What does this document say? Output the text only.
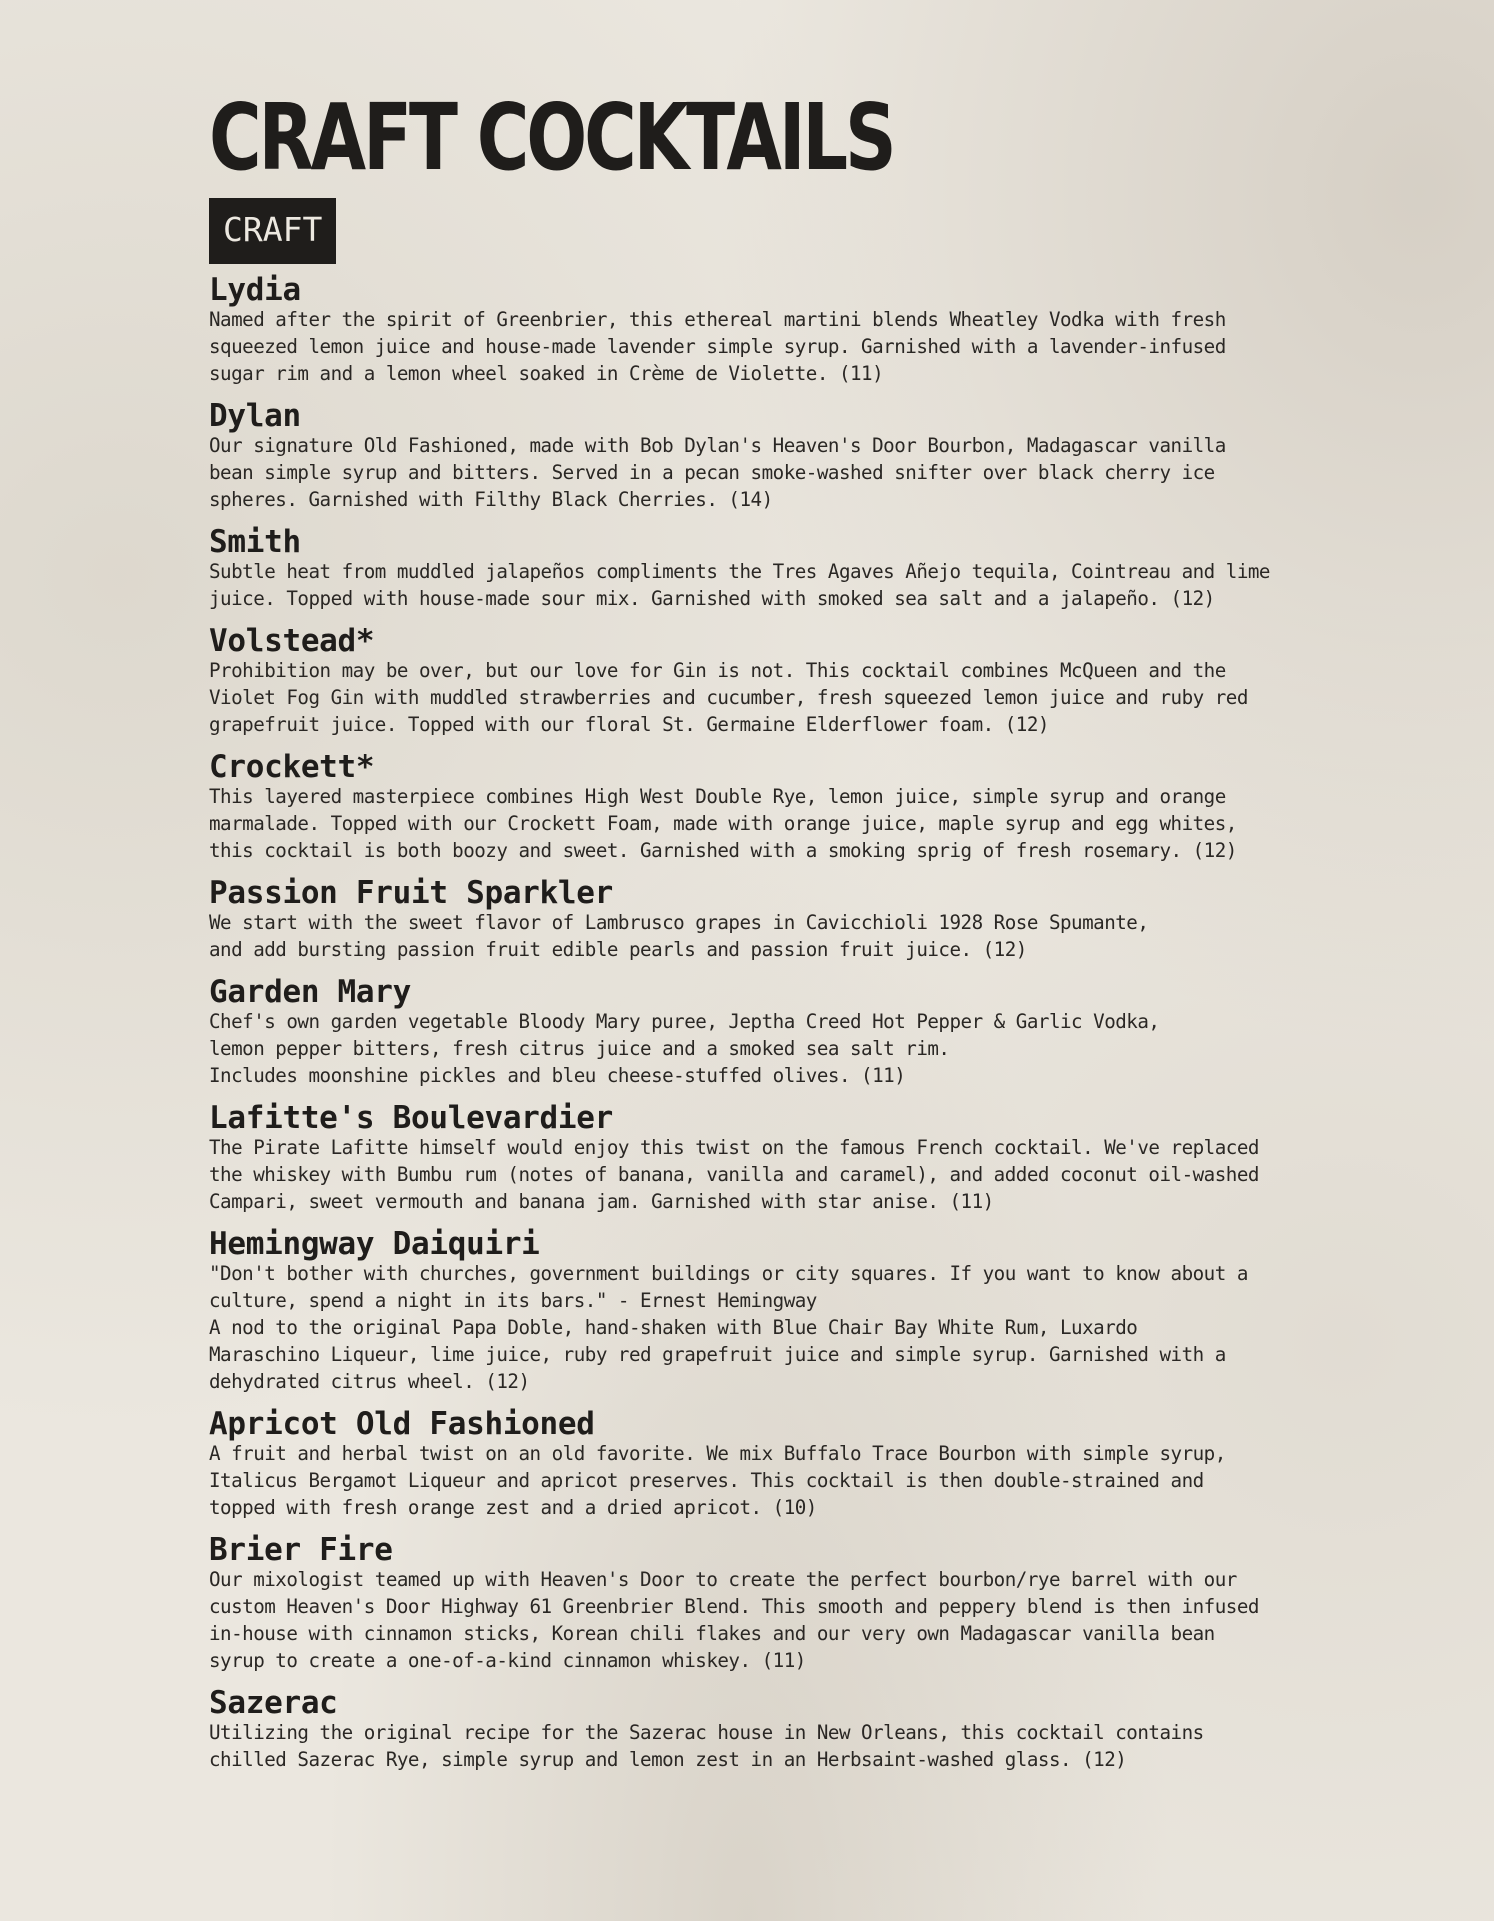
CRAFT COCKTAILS
CRAFT
Lydia

Named after the spirit of Greenbrier, this ethereal martini blends Wheatley Vodka with fresh
squeezed lemon juice and house-made lavender simple syrup. Garnished with a lavender-infused
sugar rim and a lemon wheel soaked in Crème de Violette. (11)

Dylan

Our signature Old Fashioned, made with Bob Dylan's Heaven's Door Bourbon, Madagascar vanilla
bean simple syrup and bitters. Served in a pecan smoke-washed snifter over black cherry ice
spheres. Garnished with Filthy Black Cherries. (14)

Smith

Subtle heat from muddled jalapeños compliments the Tres Agaves Añejo tequila, Cointreau and lime
juice. Topped with house-made sour mix. Garnished with smoked sea salt and a jalapeño. (12)

Volstead*

Prohibition may be over, but our love for Gin is not. This cocktail combines McQueen and the
Violet Fog Gin with muddled strawberries and cucumber, fresh squeezed lemon juice and ruby red
grapefruit juice. Topped with our floral St. Germaine Elderflower foam. (12)

Crockett*

This layered masterpiece combines High West Double Rye, lemon juice, simple syrup and orange
marmalade. Topped with our Crockett Foam, made with orange juice, maple syrup and egg whites,
this cocktail is both boozy and sweet. Garnished with a smoking sprig of fresh rosemary. (12)

Passion Fruit Sparkler

We start with the sweet flavor of Lambrusco grapes in Cavicchioli 1928 Rose Spumante,
and add bursting passion fruit edible pearls and passion fruit juice. (12)

Garden Mary

Chef's own garden vegetable Bloody Mary puree, Jeptha Creed Hot Pepper & Garlic Vodka,
lemon pepper bitters, fresh citrus juice and a smoked sea salt rim.
Includes moonshine pickles and bleu cheese-stuffed olives. (11)

Lafitte's Boulevardier

The Pirate Lafitte himself would enjoy this twist on the famous French cocktail. We've replaced
the whiskey with Bumbu rum (notes of banana, vanilla and caramel), and added coconut oil-washed
Campari, sweet vermouth and banana jam. Garnished with star anise. (11)

Hemingway Daiquiri

"Don't bother with churches, government buildings or city squares. If you want to know about a
culture, spend a night in its bars." - Ernest Hemingway
A nod to the original Papa Doble, hand-shaken with Blue Chair Bay White Rum, Luxardo
Maraschino Liqueur, lime juice, ruby red grapefruit juice and simple syrup. Garnished with a
dehydrated citrus wheel. (12)

Apricot Old Fashioned

A fruit and herbal twist on an old favorite. We mix Buffalo Trace Bourbon with simple syrup,
Italicus Bergamot Liqueur and apricot preserves. This cocktail is then double-strained and
topped with fresh orange zest and a dried apricot. (10)

Brier Fire

Our mixologist teamed up with Heaven's Door to create the perfect bourbon/rye barrel with our
custom Heaven's Door Highway 61 Greenbrier Blend. This smooth and peppery blend is then infused
in-house with cinnamon sticks, Korean chili flakes and our very own Madagascar vanilla bean
syrup to create a one-of-a-kind cinnamon whiskey. (11)

Sazerac

Utilizing the original recipe for the Sazerac house in New Orleans, this cocktail contains
chilled Sazerac Rye, simple syrup and lemon zest in an Herbsaint-washed glass. (12)
